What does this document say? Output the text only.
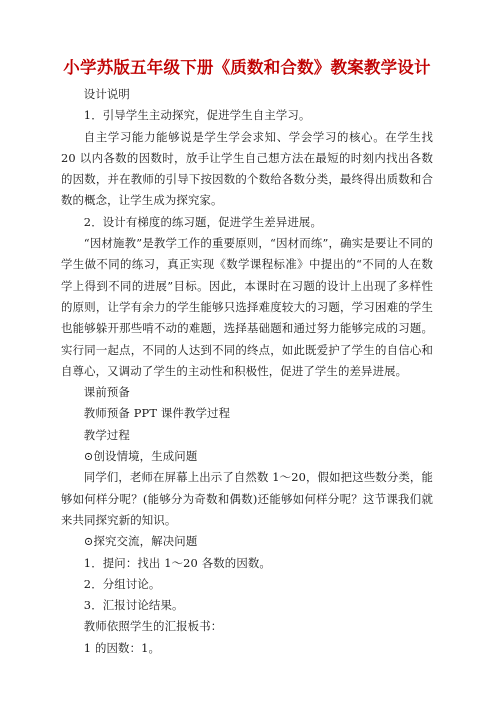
小学苏版五年级下册《质数和合数》教案教学设计

设计说明

1．引导学生主动探究，促进学生自主学习。

自主学习能力能够说是学生学会求知、学会学习的核心。在学生找 20 以内各数的因数时，放手让学生自己想方法在最短的时刻内找出各数的因数，并在教师的引导下按因数的个数给各数分类，最终得出质数和合数的概念，让学生成为探究家。

2．设计有梯度的练习题，促进学生差异进展。

“因材施教”是教学工作的重要原则，“因材而练”，确实是要让不同的学生做不同的练习，真正实现《数学课程标准》中提出的“不同的人在数学上得到不同的进展”目标。因此，本课时在习题的设计上出现了多样性的原则，让学有余力的学生能够只选择难度较大的习题，学习困难的学生也能够躲开那些啃不动的难题，选择基础题和通过努力能够完成的习题。实行同一起点，不同的人达到不同的终点，如此既爱护了学生的自信心和自尊心，又调动了学生的主动性和积极性，促进了学生的差异进展。

课前预备

教师预备 PPT 课件教学过程

教学过程

⊙创设情境，生成问题

同学们，老师在屏幕上出示了自然数 1～20，假如把这些数分类，能够如何样分呢？(能够分为奇数和偶数)还能够如何样分呢？这节课我们就来共同探究新的知识。

⊙探究交流，解决问题

1．提问：找出 1～20 各数的因数。

2．分组讨论。

3．汇报讨论结果。

教师依照学生的汇报板书：

1 的因数：1。
